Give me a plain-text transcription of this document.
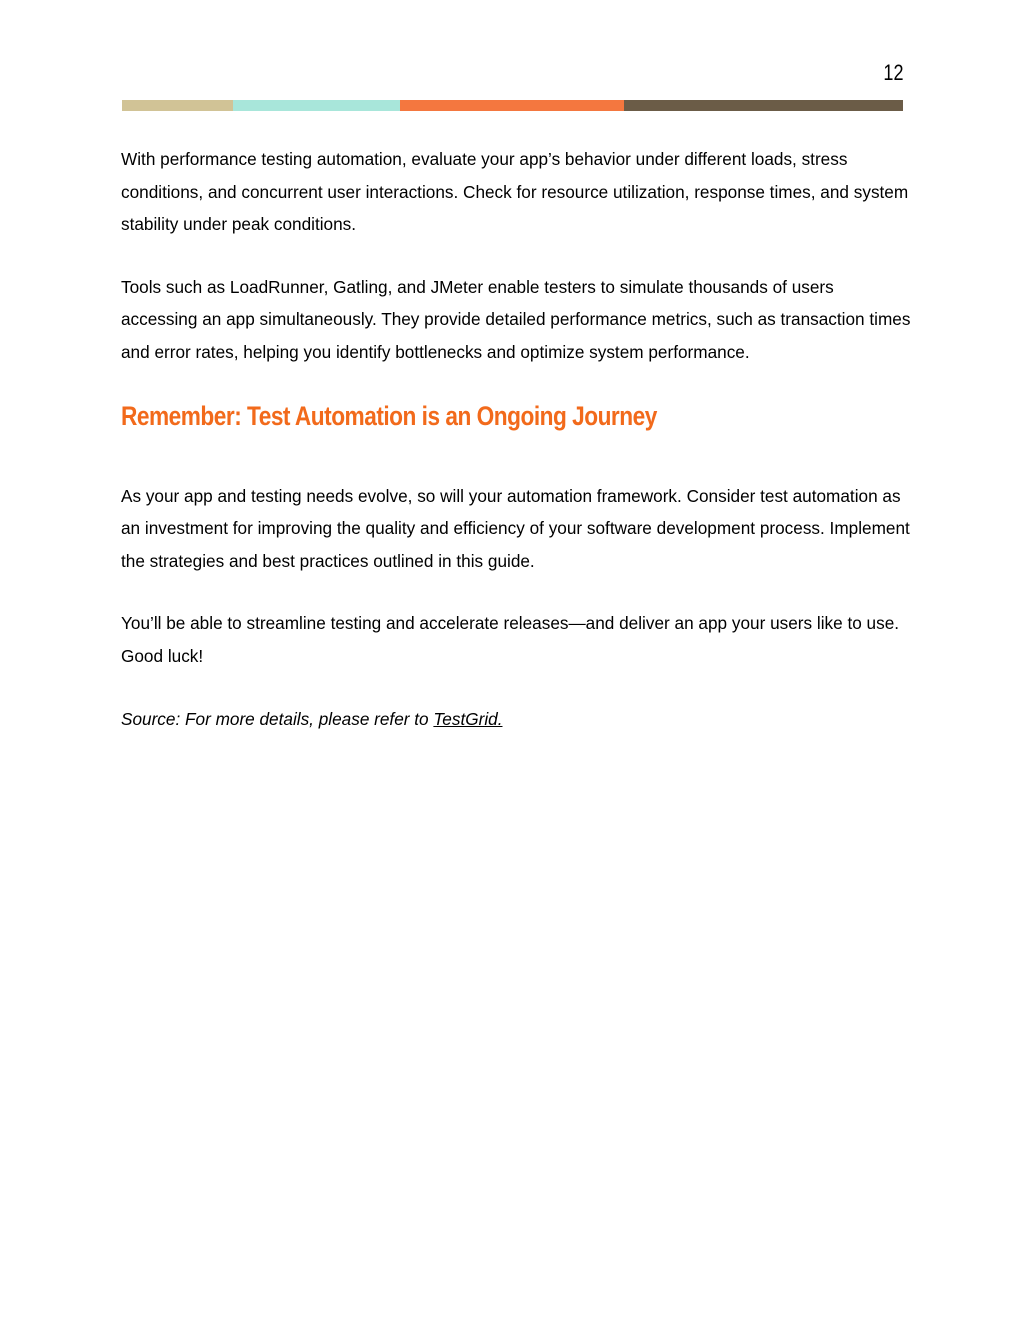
12

With performance testing automation, evaluate your app’s behavior under different loads, stress conditions, and concurrent user interactions. Check for resource utilization, response times, and system stability under peak conditions.

Tools such as LoadRunner, Gatling, and JMeter enable testers to simulate thousands of users accessing an app simultaneously. They provide detailed performance metrics, such as transaction times and error rates, helping you identify bottlenecks and optimize system performance.

Remember: Test Automation is an Ongoing Journey

As your app and testing needs evolve, so will your automation framework. Consider test automation as an investment for improving the quality and efficiency of your software development process. Implement the strategies and best practices outlined in this guide.

You’ll be able to streamline testing and accelerate releases—and deliver an app your users like to use. Good luck!

Source: For more details, please refer to TestGrid.
